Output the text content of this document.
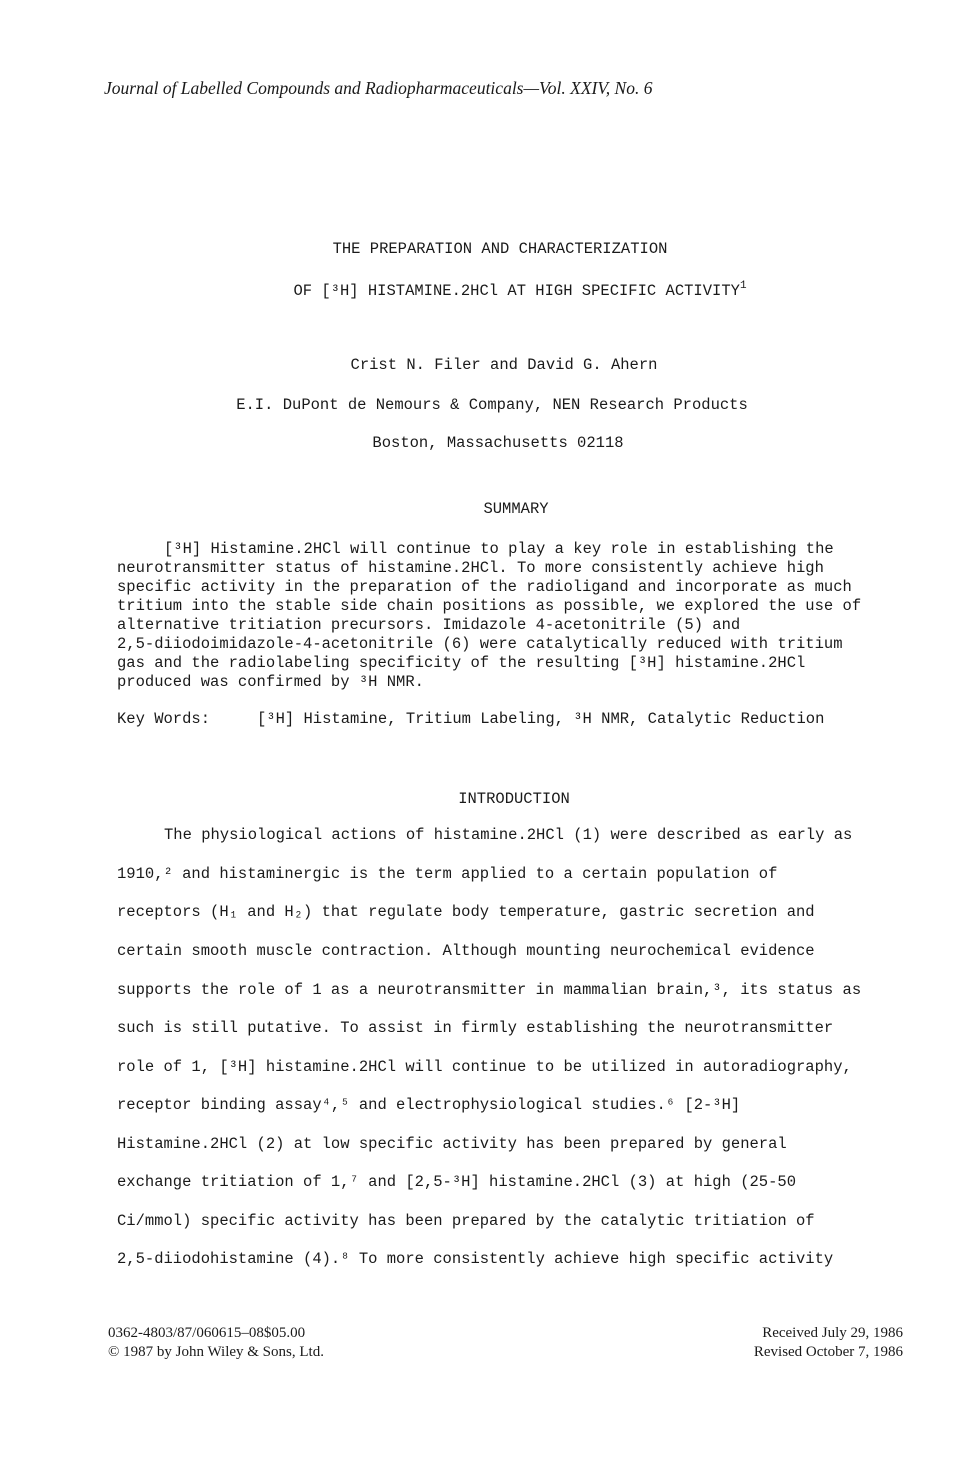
Journal of Labelled Compounds and Radiopharmaceuticals—Vol. XXIV, No. 6
THE PREPARATION AND CHARACTERIZATION
OF [³H] HISTAMINE.2HCl AT HIGH SPECIFIC ACTIVITY$^1$
Crist N. Filer and David G. Ahern
E.I. DuPont de Nemours & Company, NEN Research Products
Boston, Massachusetts 02118
SUMMARY
[³H] Histamine.2HCl will continue to play a key role in establishing the
neurotransmitter status of histamine.2HCl. To more consistently achieve high
specific activity in the preparation of the radioligand and incorporate as much
tritium into the stable side chain positions as possible, we explored the use of
alternative tritiation precursors. Imidazole 4-acetonitrile (5) and
2,5-diiodoimidazole-4-acetonitrile (6) were catalytically reduced with tritium
gas and the radiolabeling specificity of the resulting [³H] histamine.2HCl
produced was confirmed by ³H NMR.
Key Words:	[³H] Histamine, Tritium Labeling, ³H NMR, Catalytic Reduction
INTRODUCTION
The physiological actions of histamine.2HCl (1) were described as early as
1910,² and histaminergic is the term applied to a certain population of
receptors (H₁ and H₂) that regulate body temperature, gastric secretion and
certain smooth muscle contraction. Although mounting neurochemical evidence
supports the role of 1 as a neurotransmitter in mammalian brain,³, its status as
such is still putative. To assist in firmly establishing the neurotransmitter
role of 1, [³H] histamine.2HCl will continue to be utilized in autoradiography,
receptor binding assay⁴,⁵ and electrophysiological studies.⁶ [2-³H]
Histamine.2HCl (2) at low specific activity has been prepared by general
exchange tritiation of 1,⁷ and [2,5-³H] histamine.2HCl (3) at high (25-50
Ci/mmol) specific activity has been prepared by the catalytic tritiation of
2,5-diiodohistamine (4).⁸ To more consistently achieve high specific activity
0362-4803/87/060615–08$05.00
© 1987 by John Wiley & Sons, Ltd.
Received July 29, 1986
Revised October 7, 1986
